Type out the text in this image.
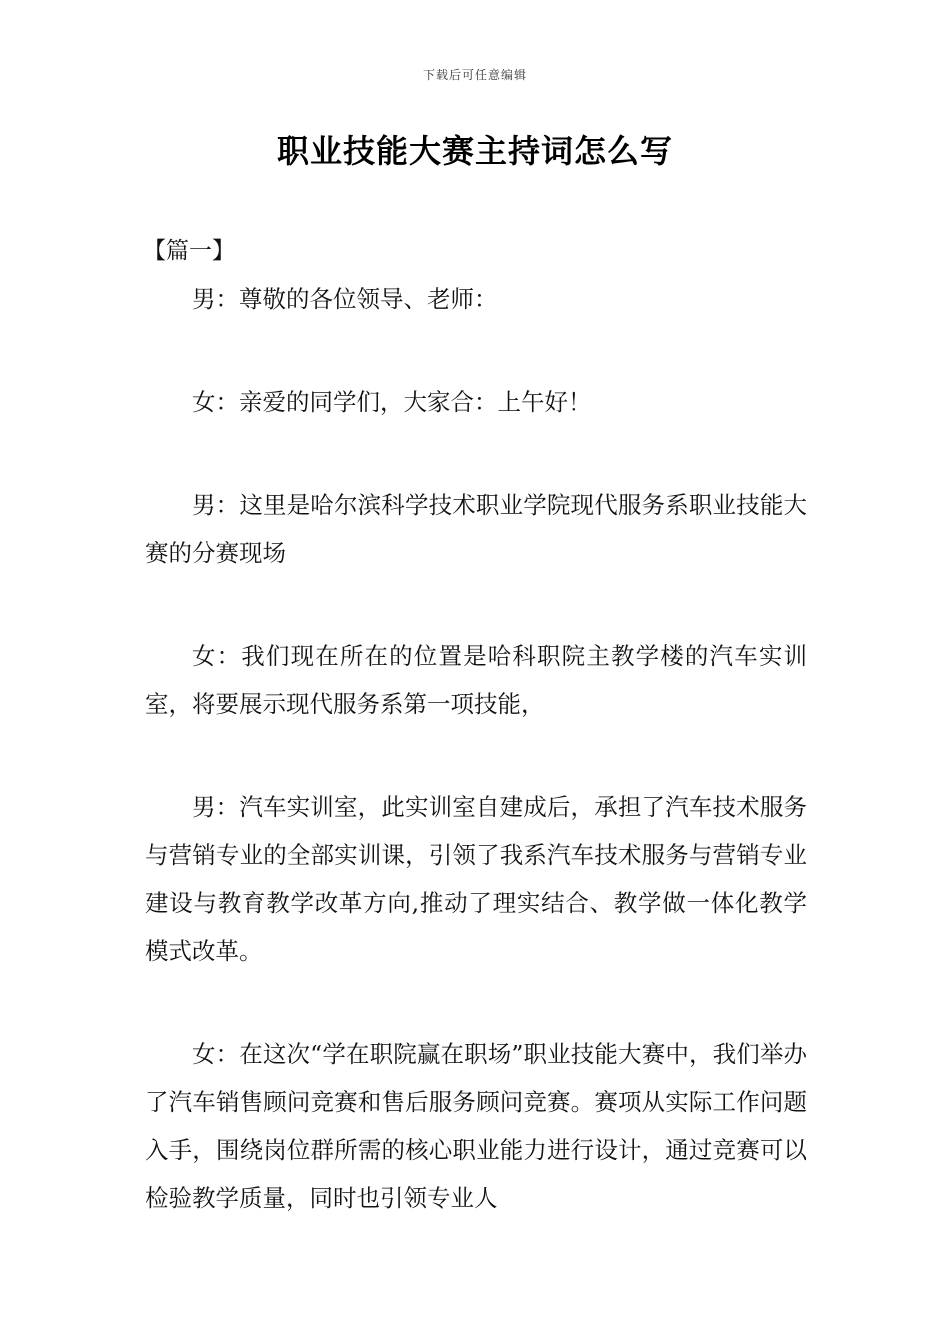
下载后可任意编辑
职业技能大赛主持词怎么写
【篇一】

男：尊敬的各位领导、老师：

女：亲爱的同学们，大家合：上午好！

男：这里是哈尔滨科学技术职业学院现代服务系职业技能大赛的分赛现场

女：我们现在所在的位置是哈科职院主教学楼的汽车实训室，将要展示现代服务系第一项技能，

男：汽车实训室，此实训室自建成后，承担了汽车技术服务与营销专业的全部实训课，引领了我系汽车技术服务与营销专业建设与教育教学改革方向,推动了理实结合、教学做一体化教学模式改革。

女：在这次“学在职院赢在职场”职业技能大赛中，我们举办了汽车销售顾问竞赛和售后服务顾问竞赛。赛项从实际工作问题入手，围绕岗位群所需的核心职业能力进行设计，通过竞赛可以检验教学质量，同时也引领专业人
